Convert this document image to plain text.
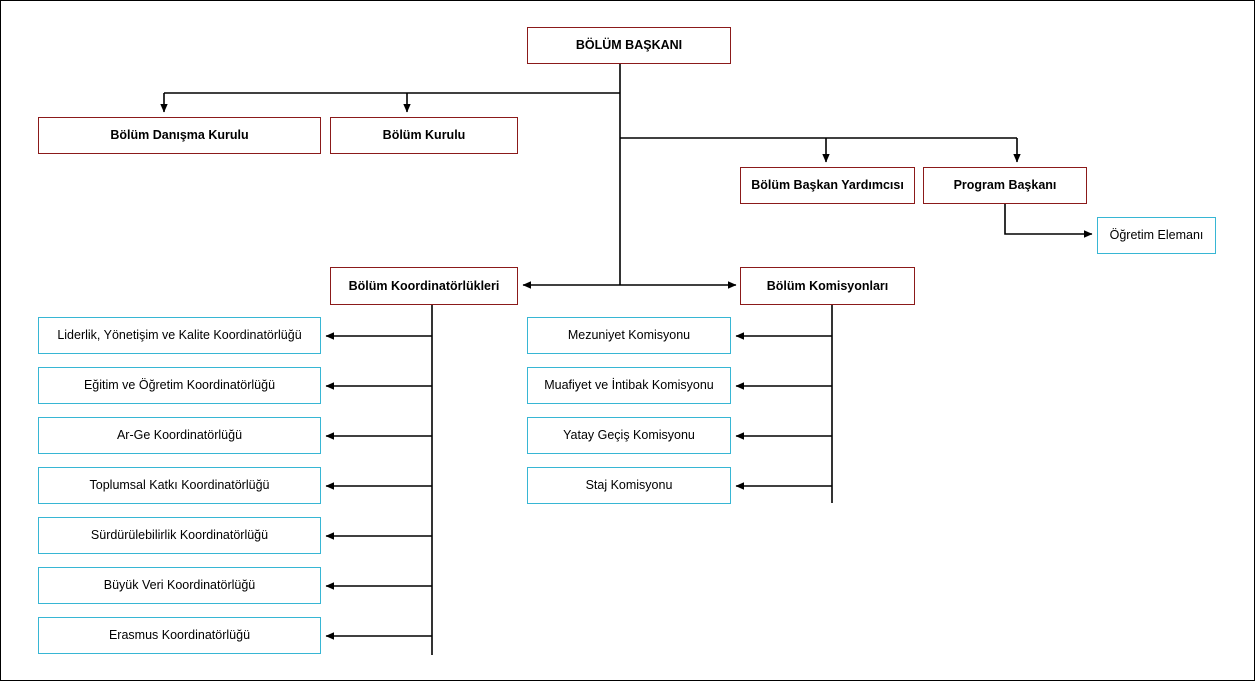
BÖLÜM BAŞKANI
Bölüm Danışma Kurulu	Bölüm Kurulu
Bölüm Başkan Yardımcısı	Program Başkanı
Öğretim Elemanı
Bölüm Koordinatörlükleri	Bölüm Komisyonları
Liderlik, Yönetişim ve Kalite Koordinatörlüğü
Eğitim ve Öğretim Koordinatörlüğü
Ar-Ge Koordinatörlüğü
Toplumsal Katkı Koordinatörlüğü
Sürdürülebilirlik Koordinatörlüğü
Büyük Veri Koordinatörlüğü
Erasmus Koordinatörlüğü
Mezuniyet Komisyonu
Muafiyet ve İntibak Komisyonu
Yatay Geçiş Komisyonu
Staj Komisyonu
